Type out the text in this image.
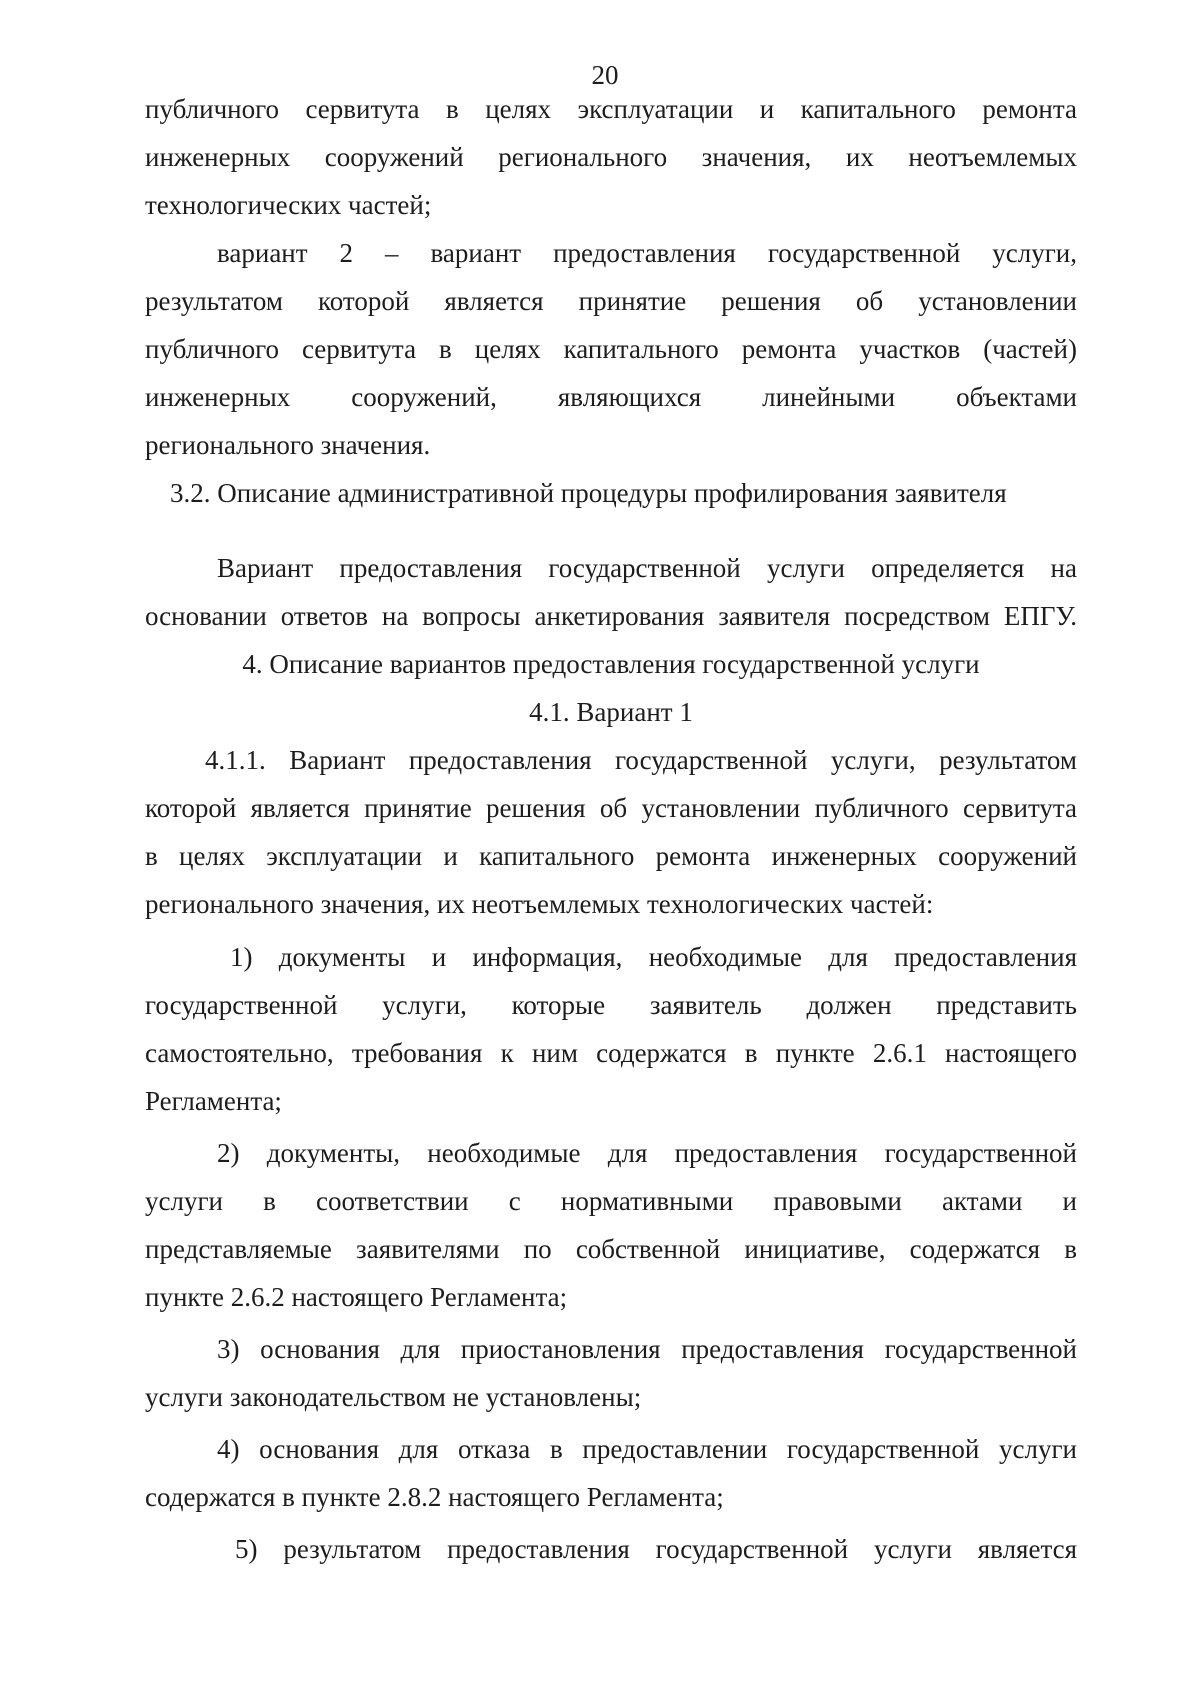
20
публичного сервитута в целях эксплуатации и капитального ремонта
инженерных сооружений регионального значения, их неотъемлемых
технологических частей;
вариант 2 – вариант предоставления государственной услуги,
результатом которой является принятие решения об установлении
публичного сервитута в целях капитального ремонта участков (частей)
инженерных сооружений, являющихся линейными объектами
регионального значения.
3.2. Описание административной процедуры профилирования заявителя
Вариант предоставления государственной услуги определяется на
основании ответов на вопросы анкетирования заявителя посредством ЕПГУ.
4. Описание вариантов предоставления государственной услуги
4.1. Вариант 1
4.1.1. Вариант предоставления государственной услуги, результатом
которой является принятие решения об установлении публичного сервитута
в целях эксплуатации и капитального ремонта инженерных сооружений
регионального значения, их неотъемлемых технологических частей:
1) документы и информация, необходимые для предоставления
государственной услуги, которые заявитель должен представить
самостоятельно, требования к ним содержатся в пункте 2.6.1 настоящего
Регламента;
2) документы, необходимые для предоставления государственной
услуги в соответствии с нормативными правовыми актами и
представляемые заявителями по собственной инициативе, содержатся в
пункте 2.6.2 настоящего Регламента;
3) основания для приостановления предоставления государственной
услуги законодательством не установлены;
4) основания для отказа в предоставлении государственной услуги
содержатся в пункте 2.8.2 настоящего Регламента;
5) результатом предоставления государственной услуги является
